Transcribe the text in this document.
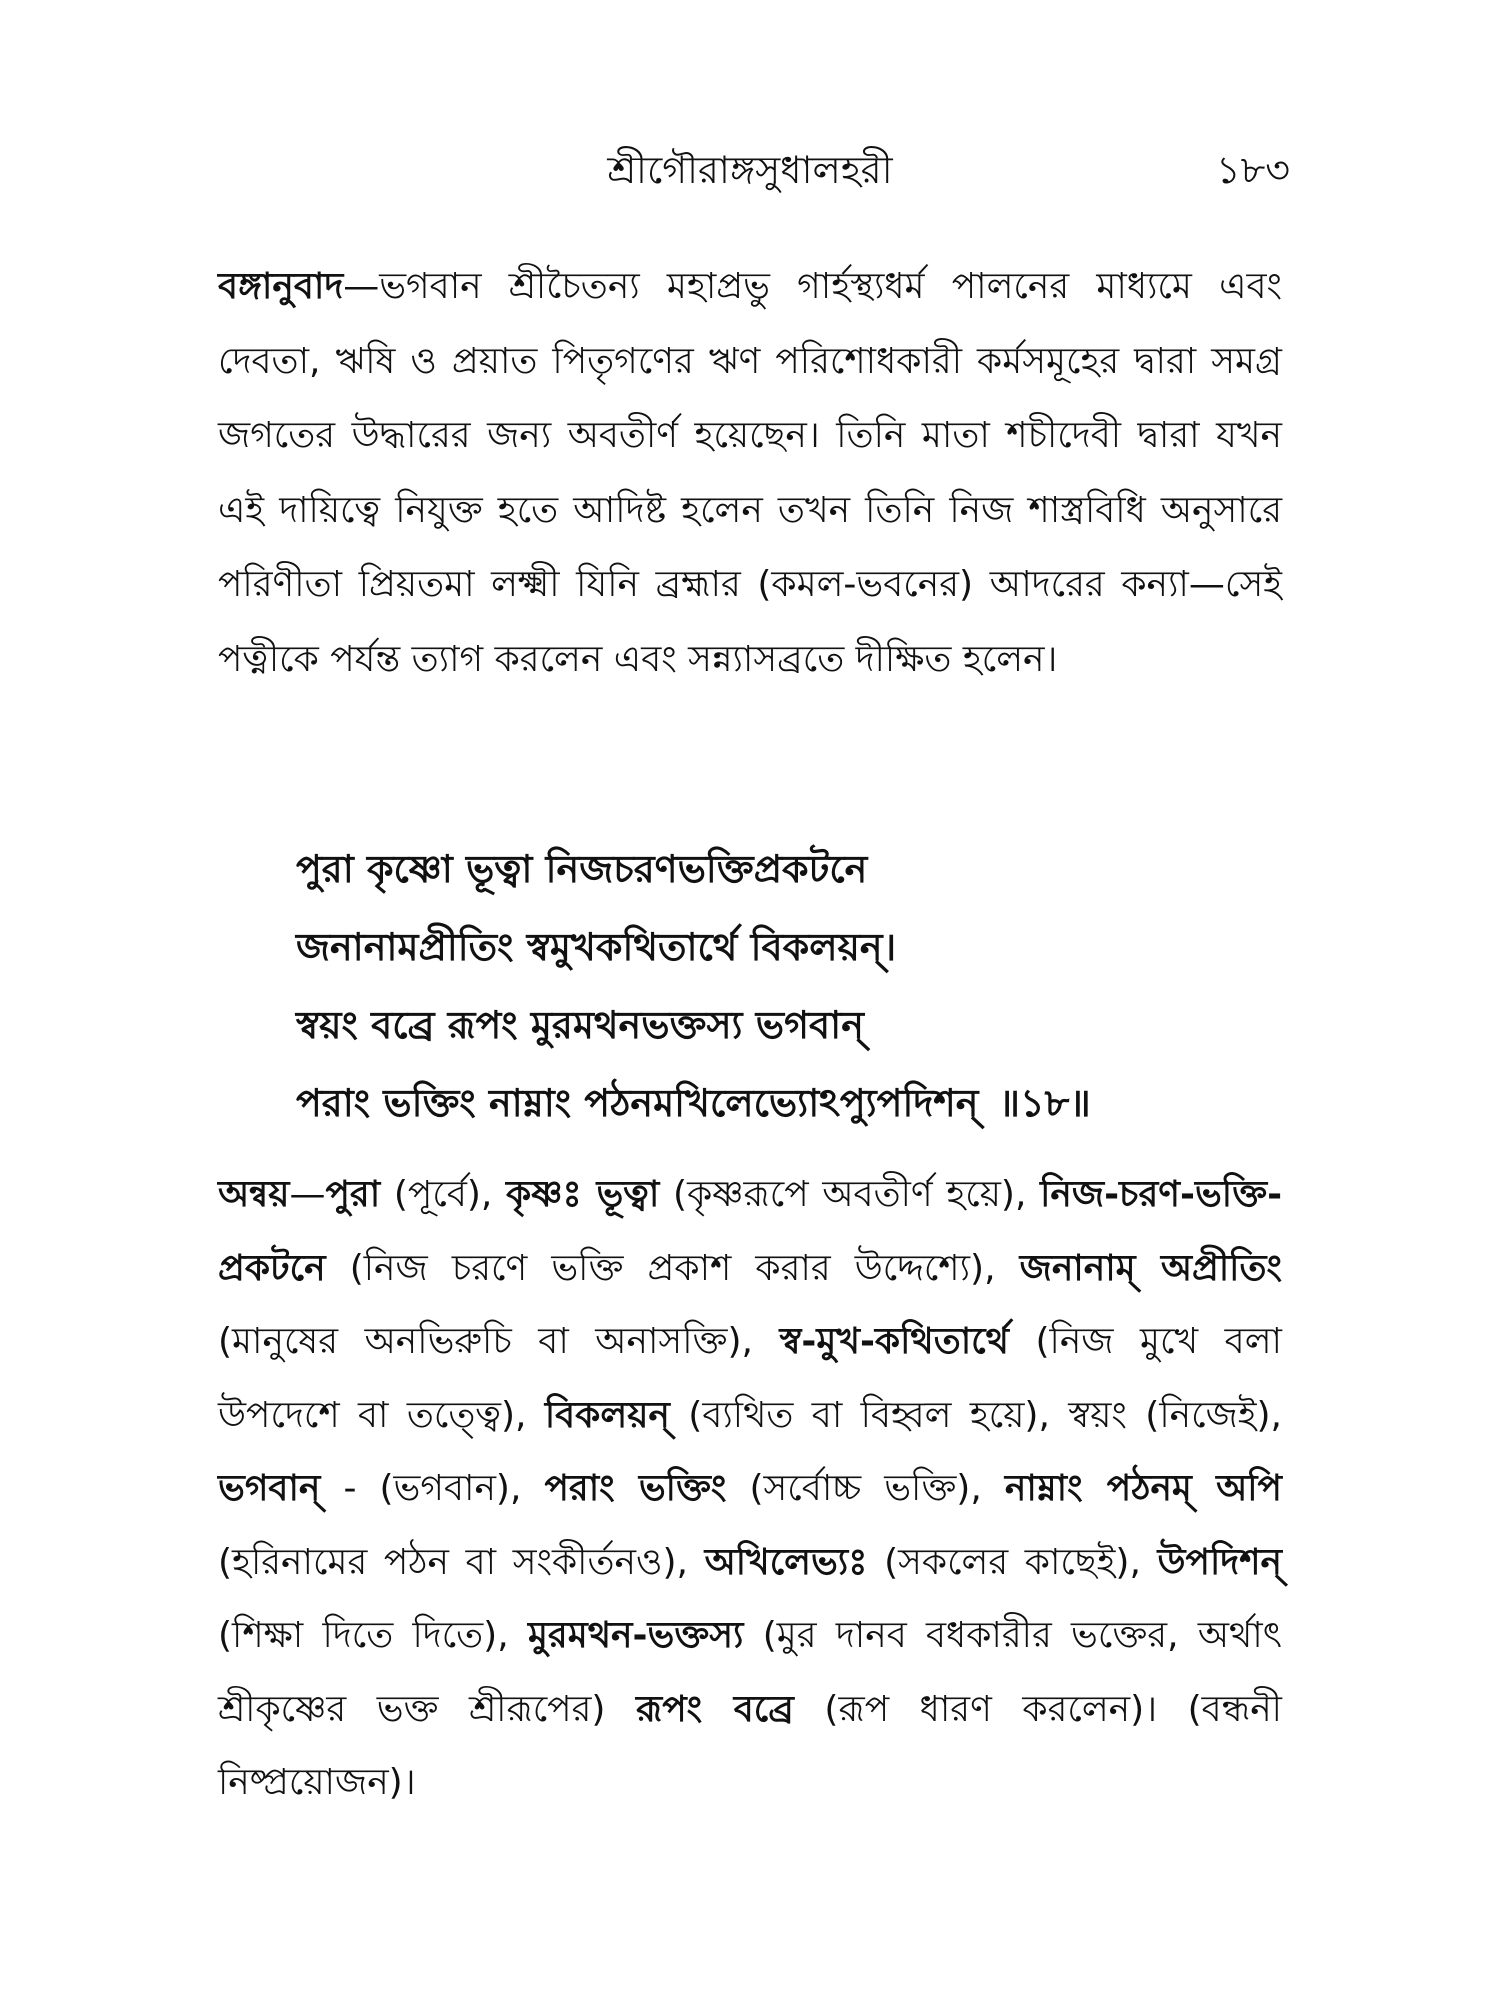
শ্রীগৌরাঙ্গসুধালহরী	১৮৩

বঙ্গানুবাদ—ভগবান শ্রীচৈতন্য মহাপ্রভু গার্হস্থ্যধর্ম পালনের মাধ্যমে এবং দেবতা, ঋষি ও প্রয়াত পিতৃগণের ঋণ পরিশোধকারী কর্মসমূহের দ্বারা সমগ্র জগতের উদ্ধারের জন্য অবতীর্ণ হয়েছেন। তিনি মাতা শচীদেবী দ্বারা যখন এই দায়িত্বে নিযুক্ত হতে আদিষ্ট হলেন তখন তিনি নিজ শাস্ত্রবিধি অনুসারে পরিণীতা প্রিয়তমা লক্ষ্মী যিনি ব্রহ্মার (কমল-ভবনের) আদরের কন্যা—সেই পত্নীকে পর্যন্ত ত্যাগ করলেন এবং সন্ন্যাসব্রতে দীক্ষিত হলেন।

পুরা কৃষ্ণো ভূত্বা নিজচরণভক্তিপ্রকটনে
জনানামপ্রীতিং স্বমুখকথিতার্থে বিকলয়ন্।
স্বয়ং বব্রে রূপং মুরমথনভক্তস্য ভগবান্
পরাং ভক্তিং নাম্নাং পঠনমখিলেভ্যোঽপ্যুপদিশন্ ॥১৮॥

অন্বয়—পুরা (পূর্বে), কৃষ্ণঃ ভূত্বা (কৃষ্ণরূপে অবতীর্ণ হয়ে), নিজ-চরণ-ভক্তি-প্রকটনে (নিজ চরণে ভক্তি প্রকাশ করার উদ্দেশ্যে), জনানাম্ অপ্রীতিং (মানুষের অনভিরুচি বা অনাসক্তি), স্ব-মুখ-কথিতার্থে (নিজ মুখে বলা উপদেশে বা তত্ত্বে), বিকলয়ন্ (ব্যথিত বা বিহ্বল হয়ে), স্বয়ং (নিজেই), ভগবান্ - (ভগবান), পরাং ভক্তিং (সর্বোচ্চ ভক্তি), নাম্নাং পঠনম্ অপি (হরিনামের পঠন বা সংকীর্তনও), অখিলেভ্যঃ (সকলের কাছেই), উপদিশন্ (শিক্ষা দিতে দিতে), মুরমথন-ভক্তস্য (মুর দানব বধকারীর ভক্তের, অর্থাৎ শ্রীকৃষ্ণের ভক্ত শ্রীরূপের) রূপং বব্রে (রূপ ধারণ করলেন)। (বন্ধনী নিষ্প্রয়োজন)।
